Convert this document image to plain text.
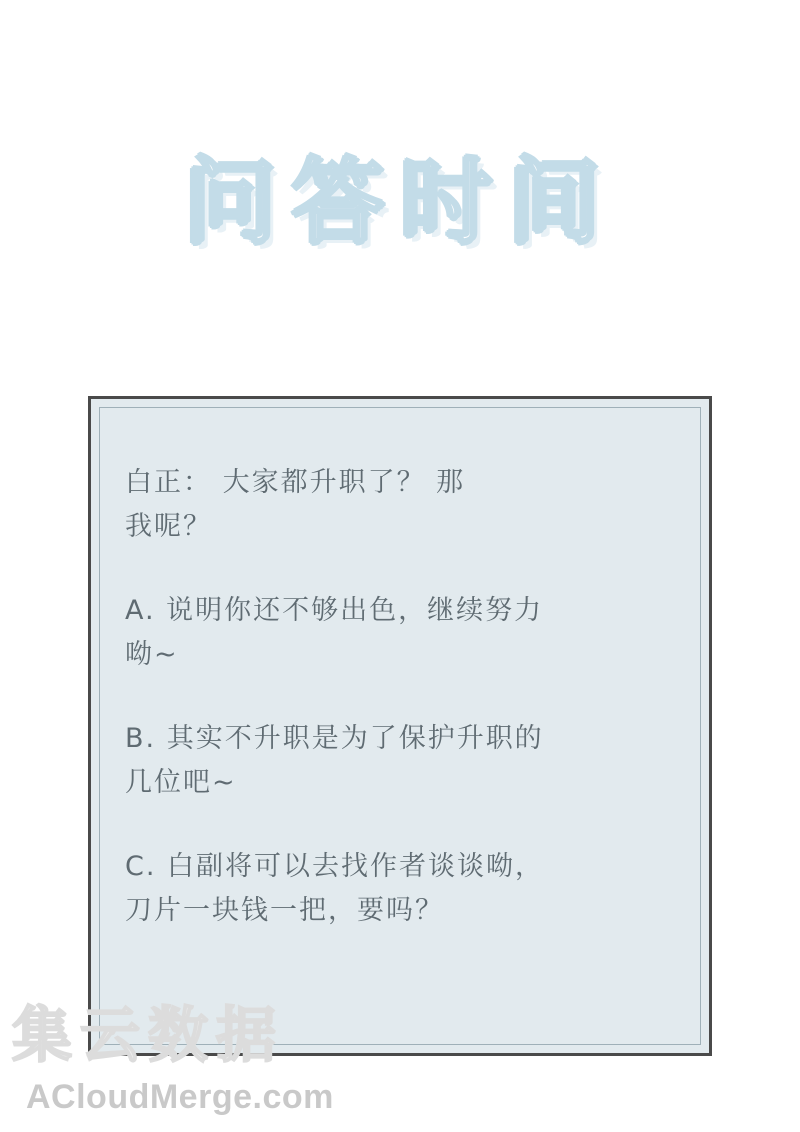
问答时间
白正： 大家都升职了？ 那
我呢？
A. 说明你还不够出色，继续努力
呦~
B. 其实不升职是为了保护升职的
几位吧~
C. 白副将可以去找作者谈谈呦，
刀片一块钱一把，要吗？
集云数据
ACloudMerge.com
